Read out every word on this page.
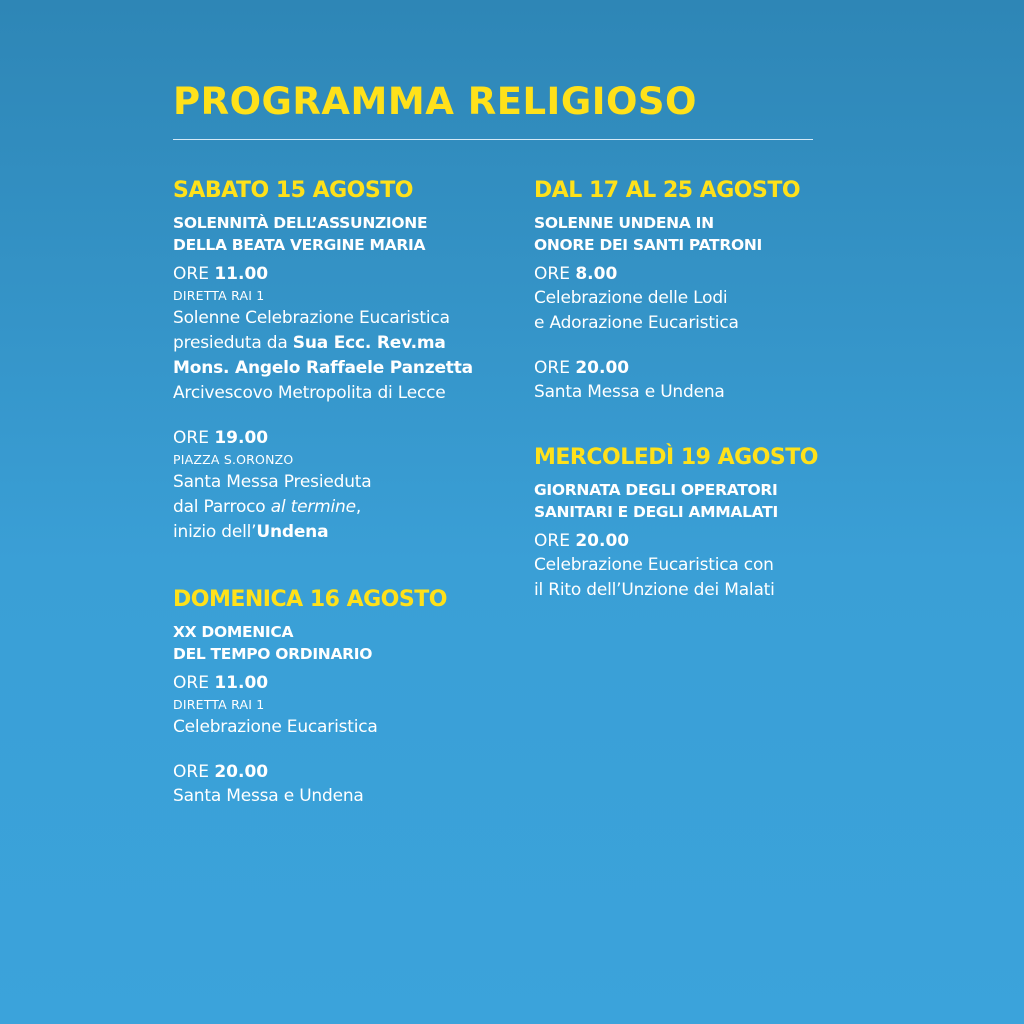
PROGRAMMA RELIGIOSO
SABATO 15 AGOSTO
SOLENNITÀ DELL’ASSUNZIONE
DELLA BEATA VERGINE MARIA
ORE 11.00
DIRETTA RAI 1
Solenne Celebrazione Eucaristica
presieduta da Sua Ecc. Rev.ma
Mons. Angelo Raffaele Panzetta
Arcivescovo Metropolita di Lecce
ORE 19.00
PIAZZA S.ORONZO
Santa Messa Presieduta
dal Parroco al termine,
inizio dell’Undena
DOMENICA 16 AGOSTO
XX DOMENICA
DEL TEMPO ORDINARIO
ORE 11.00
DIRETTA RAI 1
Celebrazione Eucaristica
ORE 20.00
Santa Messa e Undena
DAL 17 AL 25 AGOSTO
SOLENNE UNDENA IN
ONORE DEI SANTI PATRONI
ORE 8.00
Celebrazione delle Lodi
e Adorazione Eucaristica
ORE 20.00
Santa Messa e Undena
MERCOLEDÌ 19 AGOSTO
GIORNATA DEGLI OPERATORI
SANITARI E DEGLI AMMALATI
ORE 20.00
Celebrazione Eucaristica con
il Rito dell’Unzione dei Malati
